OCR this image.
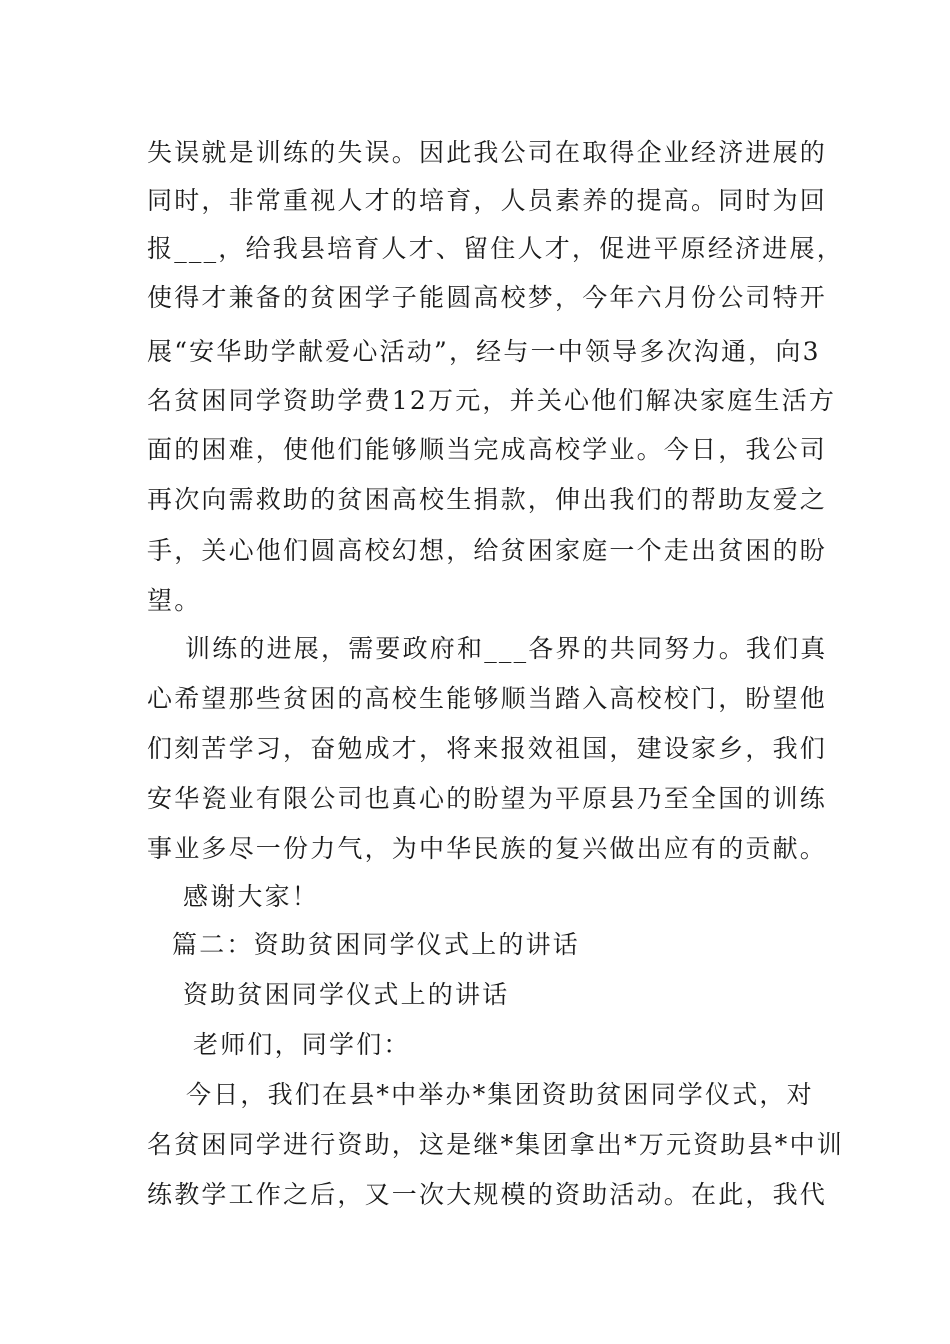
失误就是训练的失误。因此我公司在取得企业经济进展的
同时，非常重视人才的培育，人员素养的提高。同时为回
报___，给我县培育人才、留住人才，促进平原经济进展，
使得才兼备的贫困学子能圆高校梦，今年六月份公司特开
展“安华助学献爱心活动”，经与一中领导多次沟通，向3
名贫困同学资助学费12万元，并关心他们解决家庭生活方
面的困难，使他们能够顺当完成高校学业。今日，我公司
再次向需救助的贫困高校生捐款，伸出我们的帮助友爱之
手，关心他们圆高校幻想，给贫困家庭一个走出贫困的盼
望。
训练的进展，需要政府和___各界的共同努力。我们真
心希望那些贫困的高校生能够顺当踏入高校校门，盼望他
们刻苦学习，奋勉成才，将来报效祖国，建设家乡，我们
安华瓷业有限公司也真心的盼望为平原县乃至全国的训练
事业多尽一份力气，为中华民族的复兴做出应有的贡献。
感谢大家！
篇二：资助贫困同学仪式上的讲话
资助贫困同学仪式上的讲话
老师们，同学们：
今日，我们在县*中举办*集团资助贫困同学仪式，对
名贫困同学进行资助，这是继*集团拿出*万元资助县*中训
练教学工作之后，又一次大规模的资助活动。在此，我代
